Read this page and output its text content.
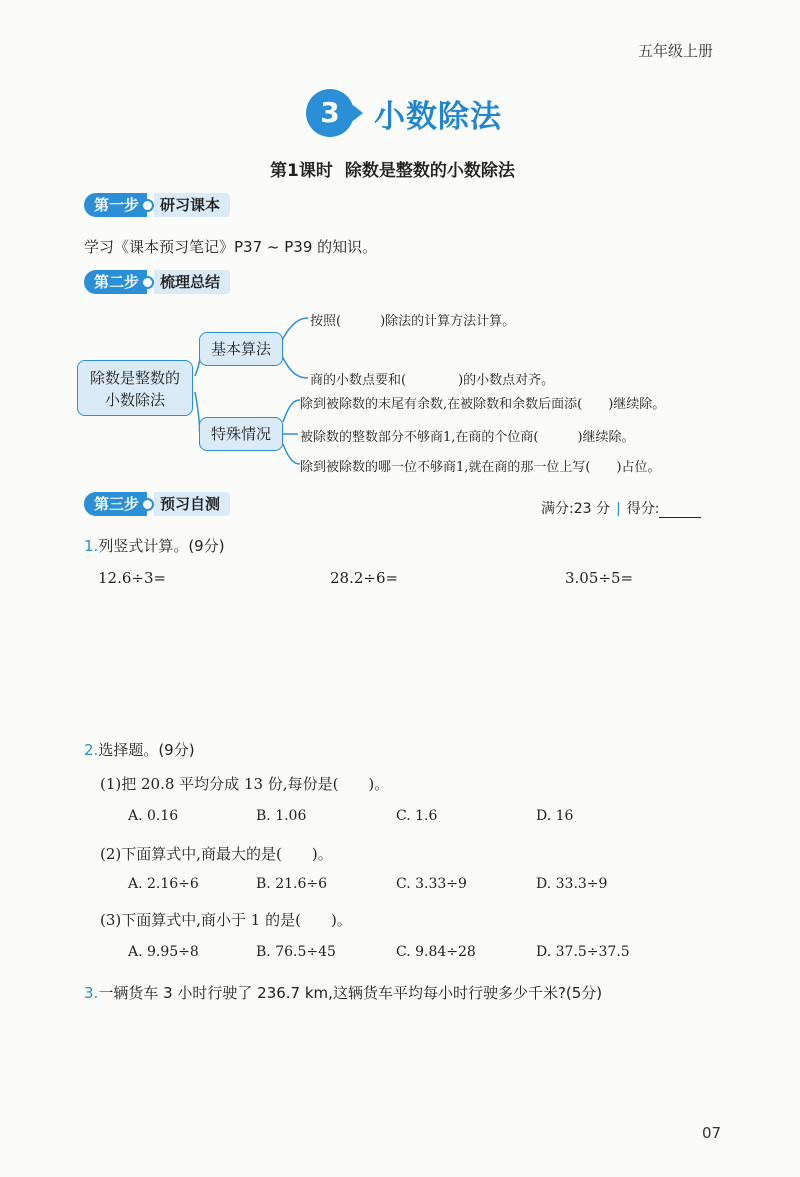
五年级上册
3	小数除法
第1课时 除数是整数的小数除法
第一步	研习课本
学习《课本预习笔记》P37 ~ P39 的知识。
第二步	梳理总结
除数是整数的
小数除法
基本算法
特殊情况
按照(　　　)除法的计算方法计算。
商的小数点要和(　　　　)的小数点对齐。
除到被除数的末尾有余数,在被除数和余数后面添(　　)继续除。
被除数的整数部分不够商1,在商的个位商(　　　)继续除。
除到被除数的哪一位不够商1,就在商的那一位上写(　　)占位。
第三步	预习自测	满分:23 分 | 得分:
1.列竖式计算。(9分)
12.6÷3=	28.2÷6=	3.05÷5=
2.选择题。(9分)
(1)把 20.8 平均分成 13 份,每份是(　　)。
A. 0.16	B. 1.06	C. 1.6	D. 16
(2)下面算式中,商最大的是(　　)。
A. 2.16÷6	B. 21.6÷6	C. 3.33÷9	D. 33.3÷9
(3)下面算式中,商小于 1 的是(　　)。
A. 9.95÷8	B. 76.5÷45	C. 9.84÷28	D. 37.5÷37.5
3.一辆货车 3 小时行驶了 236.7 km,这辆货车平均每小时行驶多少千米?(5分)
07
